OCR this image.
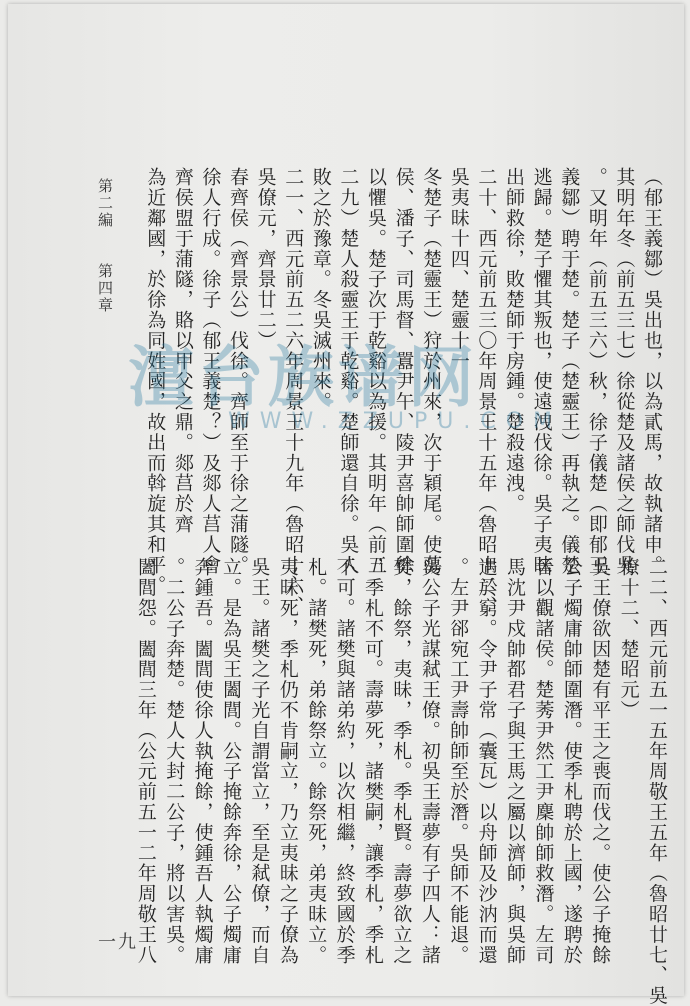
第二編　　第四章	（郁王義鄒）吳出也，以為貳馬，故執諸申。
其明年冬（前五三七）徐從楚及諸侯之師伐吳
。又明年（前五三六）秋，徐子儀楚（即郁王
義鄒）聘于楚。楚子（楚靈王）再執之。儀楚
逃歸。楚子懼其叛也，使遠洩伐徐。吳子夷昧
出師救徐，敗楚師于房鍾。楚殺遠洩。
二十、西元前五三〇年周景王十五年（魯昭十二、
吳夷昧十四、楚靈十一
冬楚子（楚靈王）狩於州來，次于穎尾。使蕩
侯、潘子、司馬督、囂尹午、陵尹喜帥師圍徐
以懼吳。楚子次于乾谿以為援。其明年（前五
二九）楚人殺靈王于乾谿。楚師還自徐。吳人
敗之於豫章。冬吳滅州來。
二一、西元前五二六年周景王十九年（魯昭十六、
吳僚元，齊景廿二）
春齊侯（齊景公）伐徐。齊師至于徐之蒲隧。
徐人行成。徐子（郁王義楚？）及郯人莒人會
齊侯盟于蒲隧，賂以甲父之鼎。郯莒於齊
為近鄰國，於徐為同姓國，故出而斡旋其和平。
二二、西元前五一五年周敬王五年（魯昭廿七、吳
僚十二、楚昭元）
吳王僚欲因楚有平王之喪而伐之。使公子掩餘
公子燭庸帥師圍潛。使季札聘於上國，遂聘於
晉以觀諸侯。楚莠尹然工尹麇帥師救潛。左司
馬沈尹戍帥都君子與王馬之屬以濟師，與吳師
遇於窮。令尹子常（囊瓦）以舟師及沙汭而還
。左尹郤宛工尹壽帥師至於潛。吳師不能退。
吳公子光謀弒王僚。初吳王壽夢有子四人：諸
樊，餘祭，夷昧，季札。季札賢。壽夢欲立之
，季札不可。壽夢死，諸樊嗣，讓季札，季札
不可。諸樊與諸弟約，以次相繼，終致國於季
札。諸樊死，弟餘祭立。餘祭死，弟夷昧立。
夷昧死，季札仍不肯嗣立，乃立夷昧之子僚為
吳王。諸樊之子光自謂當立，至是弒僚，而自
立。是為吳王闔閭。公子掩餘奔徐，公子燭庸
奔鍾吾。闔閭使徐人執掩餘，使鍾吾人執燭庸
。二公子奔楚。楚人大封二公子，將以害吳。
闔閭怨。闔閭三年（公元前五一二年周敬王八
一九
澶台族谱网
WWW.ZZUPU.COM
